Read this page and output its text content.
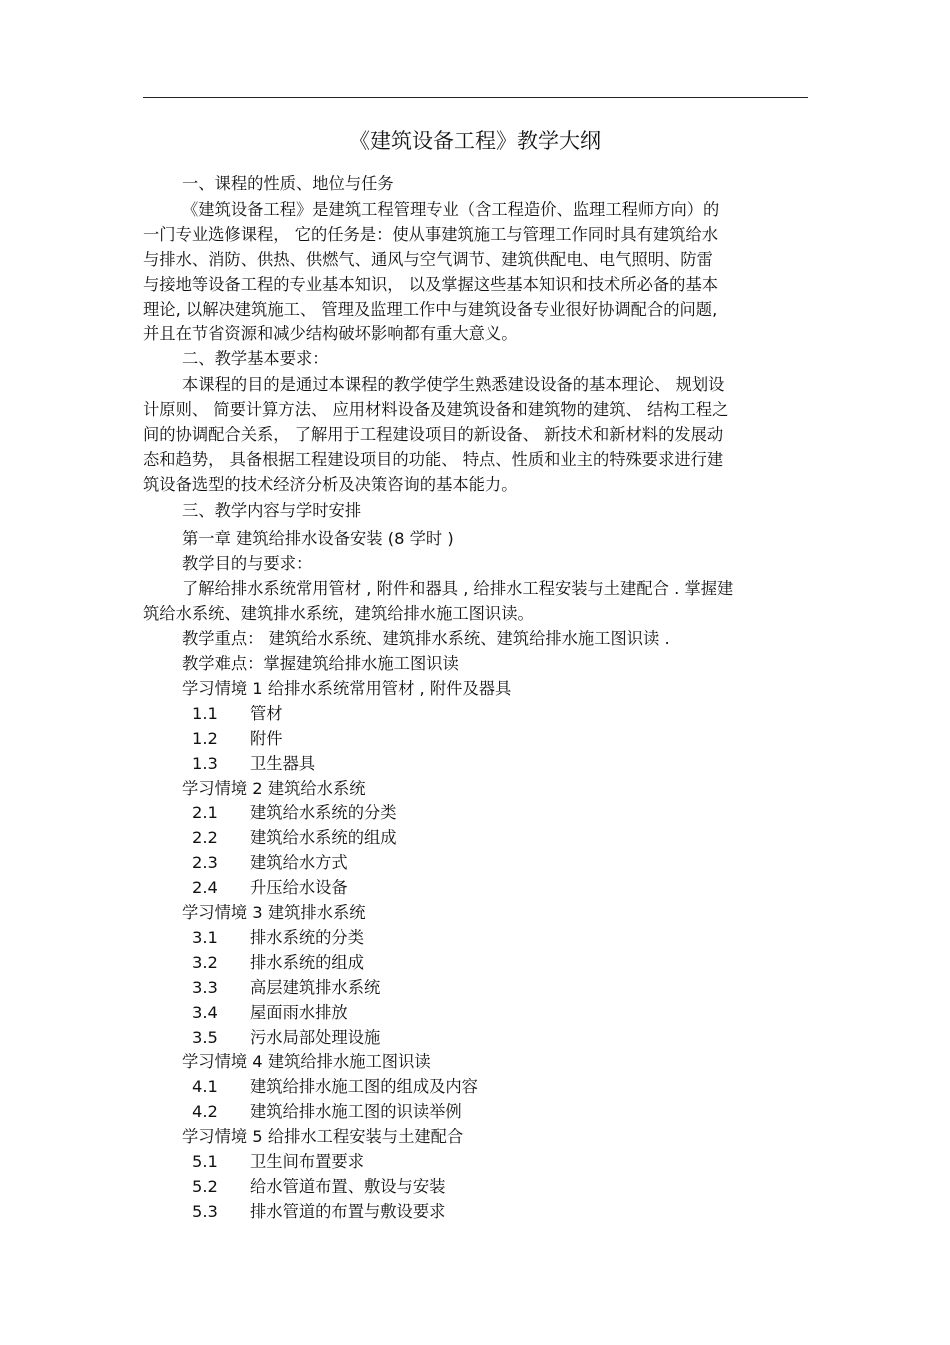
《建筑设备工程》教学大纲
一、课程的性质、地位与任务
《建筑设备工程》是建筑工程管理专业（含工程造价、监理工程师方向）的
一门专业选修课程， 它的任务是：使从事建筑施工与管理工作同时具有建筑给水
与排水、消防、供热、供燃气、通风与空气调节、建筑供配电、电气照明、防雷
与接地等设备工程的专业基本知识， 以及掌握这些基本知识和技术所必备的基本
理论, 以解决建筑施工、 管理及监理工作中与建筑设备专业很好协调配合的问题,
并且在节省资源和减少结构破坏影响都有重大意义。
二、教学基本要求：
本课程的目的是通过本课程的教学使学生熟悉建设设备的基本理论、 规划设
计原则、 简要计算方法、 应用材料设备及建筑设备和建筑物的建筑、 结构工程之
间的协调配合关系， 了解用于工程建设项目的新设备、 新技术和新材料的发展动
态和趋势， 具备根据工程建设项目的功能、 特点、性质和业主的特殊要求进行建
筑设备选型的技术经济分析及决策咨询的基本能力。
三、教学内容与学时安排
第一章 建筑给排水设备安装 (8 学时 )
教学目的与要求：
了解给排水系统常用管材 , 附件和器具 , 给排水工程安装与土建配合 . 掌握建
筑给水系统、建筑排水系统，建筑给排水施工图识读。
教学重点： 建筑给水系统、建筑排水系统、建筑给排水施工图识读 .
教学难点：掌握建筑给排水施工图识读
学习情境 1 给排水系统常用管材 , 附件及器具
1.1 管材
1.2 附件
1.3 卫生器具
学习情境 2 建筑给水系统
2.1 建筑给水系统的分类
2.2 建筑给水系统的组成
2.3 建筑给水方式
2.4 升压给水设备
学习情境 3 建筑排水系统
3.1 排水系统的分类
3.2 排水系统的组成
3.3 高层建筑排水系统
3.4 屋面雨水排放
3.5 污水局部处理设施
学习情境 4 建筑给排水施工图识读
4.1 建筑给排水施工图的组成及内容
4.2 建筑给排水施工图的识读举例
学习情境 5 给排水工程安装与土建配合
5.1 卫生间布置要求
5.2 给水管道布置、敷设与安装
5.3 排水管道的布置与敷设要求
